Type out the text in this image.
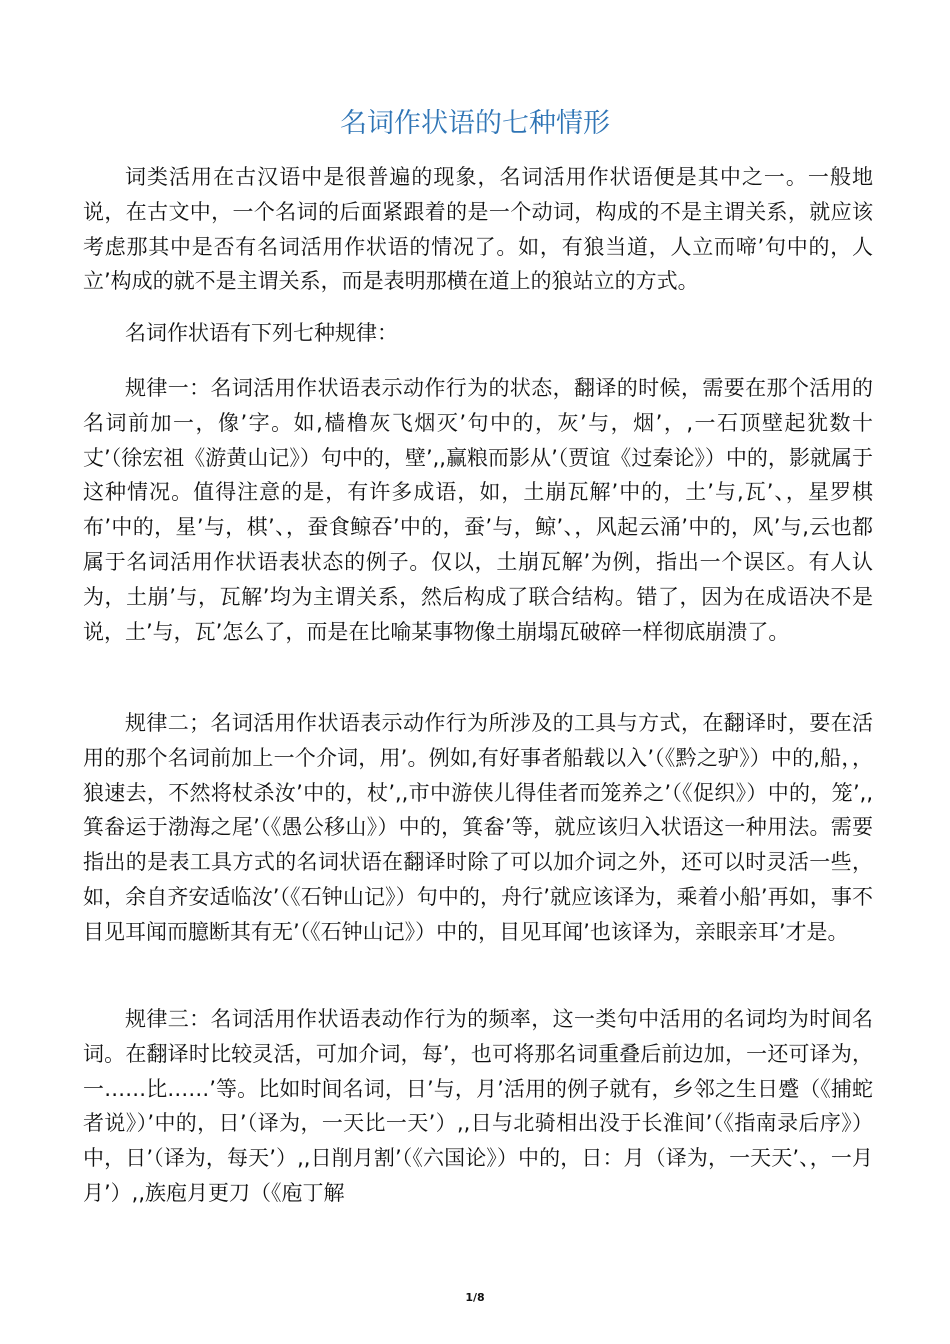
名词作状语的七种情形

词类活用在古汉语中是很普遍的现象，名词活用作状语便是其中之一。一般地说，在古文中，一个名词的后面紧跟着的是一个动词，构成的不是主谓关系，就应该考虑那其中是否有名词活用作状语的情况了。如，有狼当道，人立而啼’句中的，人立’构成的就不是主谓关系，而是表明那横在道上的狼站立的方式。

名词作状语有下列七种规律：

规律一：名词活用作状语表示动作行为的状态，翻译的时候，需要在那个活用的名词前加一，像’字。如,樯橹灰飞烟灭’句中的，灰’与，烟’，,一石顶壁起犹数十丈’（徐宏祖《游黄山记》）句中的，壁’,,赢粮而影从’（贾谊《过秦论》）中的，影就属于这种情况。值得注意的是，有许多成语，如，土崩瓦解’中的，土’与,瓦’、，星罗棋布’中的，星’与，棋’、，蚕食鲸吞’中的，蚕’与，鲸’、，风起云涌’中的，风’与,云也都属于名词活用作状语表状态的例子。仅以，土崩瓦解’为例，指出一个误区。有人认为，土崩’与，瓦解’均为主谓关系，然后构成了联合结构。错了，因为在成语决不是说，土’与，瓦’怎么了，而是在比喻某事物像土崩塌瓦破碎一样彻底崩溃了。

规律二；名词活用作状语表示动作行为所涉及的工具与方式，在翻译时，要在活用的那个名词前加上一个介词，用’。例如,有好事者船载以入’（《黔之驴》）中的,船，，狼速去，不然将杖杀汝’中的，杖’,,市中游侠儿得佳者而笼养之’（《促织》）中的，笼’,,箕畚运于渤海之尾’（《愚公移山》）中的，箕畚’等，就应该归入状语这一种用法。需要指出的是表工具方式的名词状语在翻译时除了可以加介词之外，还可以时灵活一些，如，余自齐安适临汝’（《石钟山记》）句中的，舟行’就应该译为，乘着小船’再如，事不目见耳闻而臆断其有无’（《石钟山记》）中的，目见耳闻’也该译为，亲眼亲耳’才是。

规律三：名词活用作状语表动作行为的频率，这一类句中活用的名词均为时间名词。在翻译时比较灵活，可加介词，每’，也可将那名词重叠后前边加，一还可译为，一……比……’等。比如时间名词，日’与，月’活用的例子就有，乡邻之生日蹙（《捕蛇者说》）’中的，日’（译为，一天比一天’）,,日与北骑相出没于长淮间’（《指南录后序》）中，日’（译为，每天’）,,日削月割’（《六国论》）中的，日：月（译为，一天天’、，一月月’）,,族庖月更刀（《庖丁解

1/8
